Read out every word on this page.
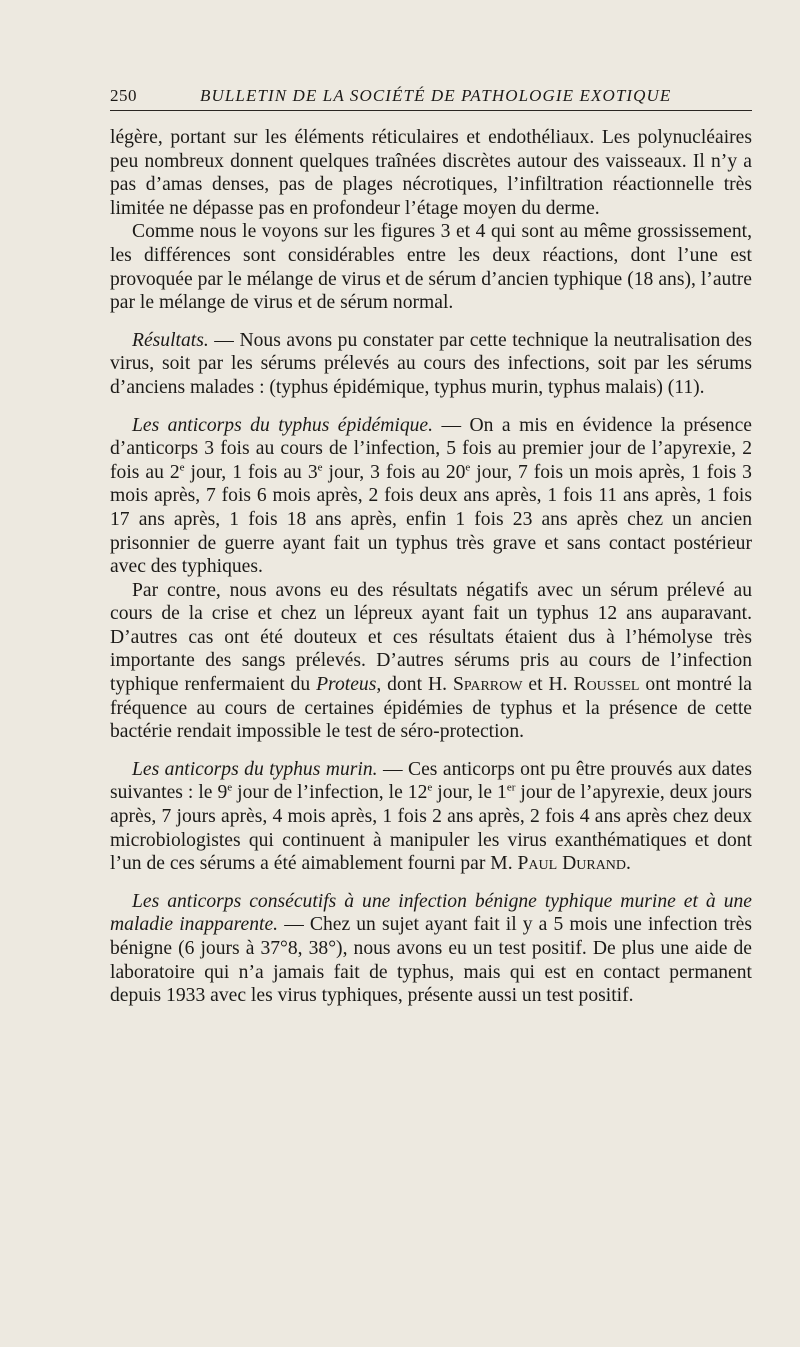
250	BULLETIN DE LA SOCIÉTÉ DE PATHOLOGIE EXOTIQUE

légère, portant sur les éléments réticulaires et endothéliaux. Les polynucléaires peu nombreux donnent quelques traînées discrètes autour des vaisseaux. Il n’y a pas d’amas denses, pas de plages nécrotiques, l’infiltration réactionnelle très limitée ne dépasse pas en profondeur l’étage moyen du derme.

Comme nous le voyons sur les figures 3 et 4 qui sont au même grossissement, les différences sont considérables entre les deux réactions, dont l’une est provoquée par le mélange de virus et de sérum d’ancien typhique (18 ans), l’autre par le mélange de virus et de sérum normal.

Résultats. — Nous avons pu constater par cette technique la neutralisation des virus, soit par les sérums prélevés au cours des infections, soit par les sérums d’anciens malades : (typhus épidémique, typhus murin, typhus malais) (11).

Les anticorps du typhus épidémique. — On a mis en évidence la présence d’anticorps 3 fois au cours de l’infection, 5 fois au premier jour de l’apyrexie, 2 fois au 2e jour, 1 fois au 3e jour, 3 fois au 20e jour, 7 fois un mois après, 1 fois 3 mois après, 7 fois 6 mois après, 2 fois deux ans après, 1 fois 11 ans après, 1 fois 17 ans après, 1 fois 18 ans après, enfin 1 fois 23 ans après chez un ancien prisonnier de guerre ayant fait un typhus très grave et sans contact postérieur avec des typhiques.

Par contre, nous avons eu des résultats négatifs avec un sérum prélevé au cours de la crise et chez un lépreux ayant fait un typhus 12 ans auparavant. D’autres cas ont été douteux et ces résultats étaient dus à l’hémolyse très importante des sangs prélevés. D’autres sérums pris au cours de l’infection typhique renfermaient du Proteus, dont H. Sparrow et H. Roussel ont montré la fréquence au cours de certaines épidémies de typhus et la présence de cette bactérie rendait impossible le test de séro-protection.

Les anticorps du typhus murin. — Ces anticorps ont pu être prouvés aux dates suivantes : le 9e jour de l’infection, le 12e jour, le 1er jour de l’apyrexie, deux jours après, 7 jours après, 4 mois après, 1 fois 2 ans après, 2 fois 4 ans après chez deux microbiologistes qui continuent à manipuler les virus exanthématiques et dont l’un de ces sérums a été aimablement fourni par M. Paul Durand.

Les anticorps consécutifs à une infection bénigne typhique murine et à une maladie inapparente. — Chez un sujet ayant fait il y a 5 mois une infection très bénigne (6 jours à 37°8, 38°), nous avons eu un test positif. De plus une aide de laboratoire qui n’a jamais fait de typhus, mais qui est en contact permanent depuis 1933 avec les virus typhiques, présente aussi un test positif.
